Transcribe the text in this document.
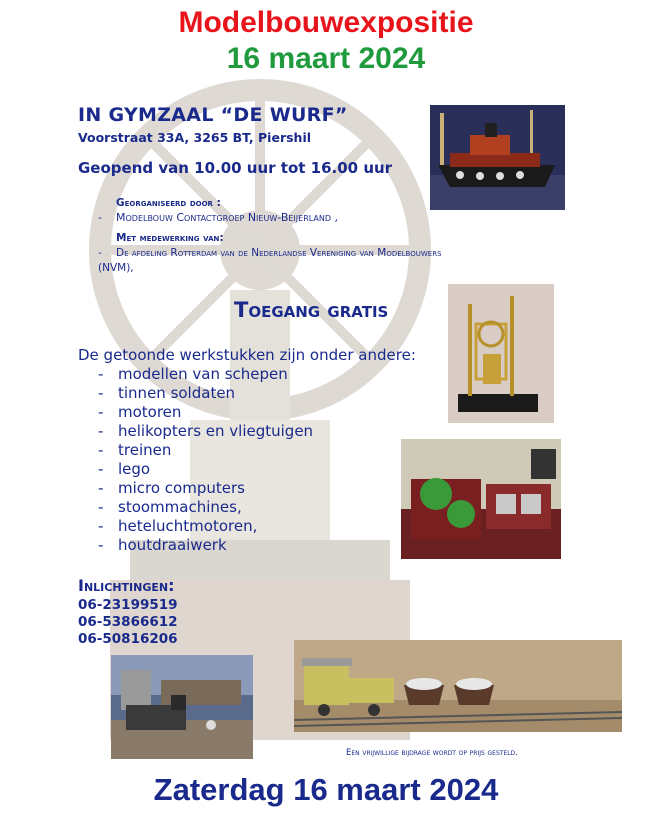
Modelbouwexpositie
16 maart 2024
IN GYMZAAL “DE WURF”
Voorstraat 33A, 3265 BT, Piershil
Geopend van 10.00 uur tot 16.00 uur
Georganiseerd door :
- Modelbouw Contactgroep Nieuw-Beijerland ,
Met medewerking van:
- De afdeling Rotterdam van de Nederlandse Vereniging van Modelbouwers (NVM),
Toegang gratis
De getoonde werkstukken zijn onder andere:
- modellen van schepen
- tinnen soldaten
- motoren
- helikopters en vliegtuigen
- treinen
- lego
- micro computers
- stoommachines,
- heteluchtmotoren,
- houtdraaiwerk
Inlichtingen:
06-23199519
06-53866612
06-50816206
Een vrijwillige bijdrage wordt op prijs gesteld.
Zaterdag 16 maart 2024
